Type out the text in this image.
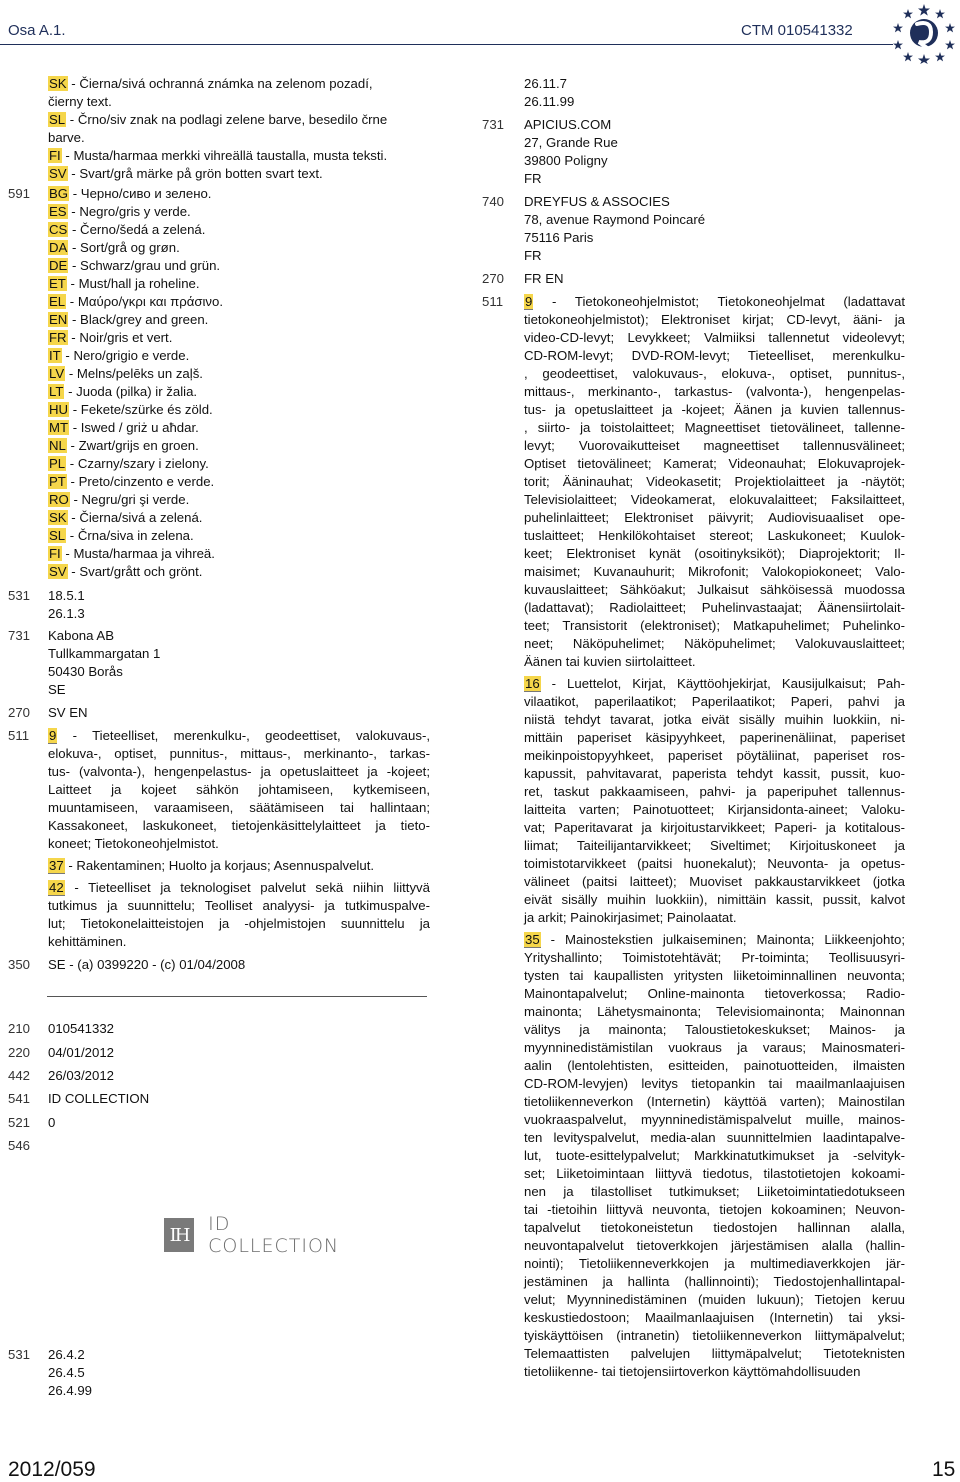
Osa A.1.	CTM 010541332
SK - Čierna/sivá ochranná známka na zelenom pozadí,
čierny text.
SL - Črno/siv znak na podlagi zelene barve, besedilo črne
barve.
FI - Musta/harmaa merkki vihreällä taustalla, musta teksti.
SV - Svart/grå märke på grön botten svart text.
591	BG - Черно/сиво и зелено.
ES - Negro/gris y verde.
CS - Černo/šedá a zelená.
DA - Sort/grå og grøn.
DE - Schwarz/grau und grün.
ET - Must/hall ja roheline.
EL - Μαύρο/γκρι και πράσινο.
EN - Black/grey and green.
FR - Noir/gris et vert.
IT - Nero/grigio e verde.
LV - Melns/pelēks un zaļš.
LT - Juoda (pilka) ir žalia.
HU - Fekete/szürke és zöld.
MT - Iswed / griż u aħdar.
NL - Zwart/grijs en groen.
PL - Czarny/szary i zielony.
PT - Preto/cinzento e verde.
RO - Negru/gri şi verde.
SK - Čierna/sivá a zelená.
SL - Črna/siva in zelena.
FI - Musta/harmaa ja vihreä.
SV - Svart/grått och grönt.
531	18.5.1
26.1.3
731	Kabona AB
Tullkammargatan 1
50430 Borås
SE
270	SV EN
511	9 - Tieteelliset, merenkulku-, geodeettiset, valokuvaus-,
elokuva-, optiset, punnitus-, mittaus-, merkinanto-, tarkas-
tus- (valvonta-), hengenpelastus- ja opetuslaitteet ja -kojeet;
Laitteet ja kojeet sähkön johtamiseen, kytkemiseen,
muuntamiseen, varaamiseen, säätämiseen tai hallintaan;
Kassakoneet, laskukoneet, tietojenkäsittelylaitteet ja tieto-
koneet; Tietokoneohjelmistot.
37 - Rakentaminen; Huolto ja korjaus; Asennuspalvelut.
42 - Tieteelliset ja teknologiset palvelut sekä niihin liittyvä
tutkimus ja suunnittelu; Teolliset analyysi- ja tutkimuspalve-
lut; Tietokonelaitteistojen ja -ohjelmistojen suunnittelu ja
kehittäminen.
350	SE - (a) 0399220 - (c) 01/04/2008
210	010541332
220	04/01/2012
442	26/03/2012
541	ID COLLECTION
521	0
546
IH ID COLLECTION
531	26.4.2
26.4.5
26.4.99
26.11.7
26.11.99
731	APICIUS.COM
27, Grande Rue
39800 Poligny
FR
740	DREYFUS & ASSOCIES
78, avenue Raymond Poincaré
75116 Paris
FR
270	FR EN
511	9 - Tietokoneohjelmistot; Tietokoneohjelmat (ladattavat
tietokoneohjelmistot); Elektroniset kirjat; CD-levyt, ääni- ja
video-CD-levyt; Levykkeet; Valmiiksi tallennetut videolevyt;
CD-ROM-levyt; DVD-ROM-levyt; Tieteelliset, merenkulku-
, geodeettiset, valokuvaus-, elokuva-, optiset, punnitus-,
mittaus-, merkinanto-, tarkastus- (valvonta-), hengenpelas-
tus- ja opetuslaitteet ja -kojeet; Äänen ja kuvien tallennus-
, siirto- ja toistolaitteet; Magneettiset tietovälineet, tallenne-
levyt; Vuorovaikutteiset magneettiset tallennusvälineet;
Optiset tietovälineet; Kamerat; Videonauhat; Elokuvaprojek-
torit; Ääninauhat; Videokasetit; Projektiolaitteet ja -näytöt;
Televisiolaitteet; Videokamerat, elokuvalaitteet; Faksilaitteet,
puhelinlaitteet; Elektroniset päivyrit; Audiovisuaaliset ope-
tuslaitteet; Henkilökohtaiset stereot; Laskukoneet; Kuulok-
keet; Elektroniset kynät (osoitinyksiköt); Diaprojektorit; Il-
maisimet; Kuvanauhurit; Mikrofonit; Valokopiokoneet; Valo-
kuvauslaitteet; Sähköakut; Julkaisut sähköisessä muodossa
(ladattavat); Radiolaitteet; Puhelinvastaajat; Äänensiirtolait-
teet; Transistorit (elektroniset); Matkapuhelimet; Puhelinko-
neet; Näköpuhelimet; Näköpuhelimet; Valokuvauslaitteet;
Äänen tai kuvien siirtolaitteet.
16 - Luettelot, Kirjat, Käyttöohjekirjat, Kausijulkaisut; Pah-
vilaatikot, paperilaatikot; Paperilaatikot; Paperi, pahvi ja
niistä tehdyt tavarat, jotka eivät sisälly muihin luokkiin, ni-
mittäin paperiset käsipyyhkeet, paperinenäliinat, paperiset
meikinpoistopyyhkeet, paperiset pöytäliinat, paperiset ros-
kapussit, pahvitavarat, paperista tehdyt kassit, pussit, kuo-
ret, taskut pakkaamiseen, pahvi- ja paperipuhet tallennus-
laitteita varten; Painotuotteet; Kirjansidonta-aineet; Valoku-
vat; Paperitavarat ja kirjoitustarvikkeet; Paperi- ja kotitalous-
liimat; Taiteilijantarvikkeet; Siveltimet; Kirjoituskoneet ja
toimistotarvikkeet (paitsi huonekalut); Neuvonta- ja opetus-
välineet (paitsi laitteet); Muoviset pakkaustarvikkeet (jotka
eivät sisälly muihin luokkiin), nimittäin kassit, pussit, kalvot
ja arkit; Painokirjasimet; Painolaatat.
35 - Mainostekstien julkaiseminen; Mainonta; Liikkeenjohto;
Yrityshallinto; Toimistotehtävät; Pr-toiminta; Teollisuusyri-
tysten tai kaupallisten yritysten liiketoiminnallinen neuvonta;
Mainontapalvelut; Online-mainonta tietoverkossa; Radio-
mainonta; Lähetysmainonta; Televisiomainonta; Mainonnan
välitys ja mainonta; Taloustietokeskukset; Mainos- ja
myynninedistämistilan vuokraus ja varaus; Mainosmateri-
aalin (lentolehtisten, esitteiden, painotuotteiden, ilmaisten
CD-ROM-levyjen) levitys tietopankin tai maailmanlaajuisen
tietoliikenneverkon (Internetin) käyttöä varten); Mainostilan
vuokraaspalvelut, myynninedistämispalvelut muille, mainos-
ten levityspalvelut, media-alan suunnittelmien laadintapalve-
lut, tuote-esittelypalvelut; Markkinatutkimukset ja -selvityk-
set; Liiketoimintaan liittyvä tiedotus, tilastotietojen kokoami-
nen ja tilastolliset tutkimukset; Liiketoimintatiedotukseen
tai -tietoihin liittyvä neuvonta, tietojen kokoaminen; Neuvon-
tapalvelut tietokoneistetun tiedostojen hallinnan alalla,
neuvontapalvelut tietoverkkojen järjestämisen alalla (hallin-
nointi); Tietoliikenneverkkojen ja multimediaverkkojen jär-
jestäminen ja hallinta (hallinnointi); Tiedostojenhallintapal-
velut; Myynninedistäminen (muiden lukuun); Tietojen keruu
keskustiedostoon; Maailmanlaajuisen (Internetin) tai yksi-
tyiskäyttöisen (intranetin) tietoliikenneverkon liittymäpalvelut;
Telemaattisten palvelujen liittymäpalvelut; Tietoteknisten
tietoliikenne- tai tietojensiirtoverkon käyttömahdollisuuden
2012/059	15
